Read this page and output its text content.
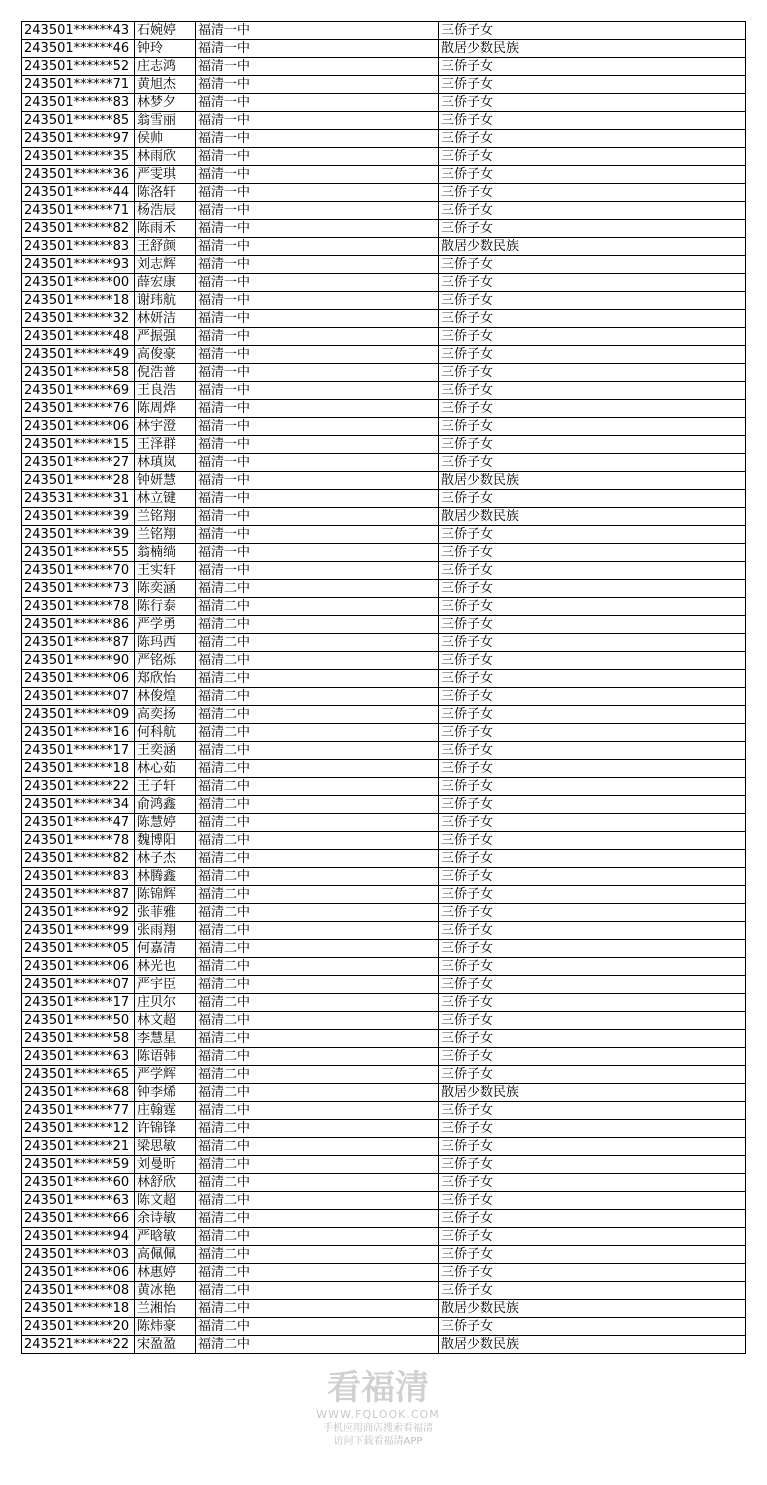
243501******43	石婉婷	福清一中	三侨子女
243501******46	钟玲	福清一中	散居少数民族
243501******52	庄志鸿	福清一中	三侨子女
243501******71	黄旭杰	福清一中	三侨子女
243501******83	林梦夕	福清一中	三侨子女
243501******85	翁雪丽	福清一中	三侨子女
243501******97	侯帅	福清一中	三侨子女
243501******35	林雨欣	福清一中	三侨子女
243501******36	严雯琪	福清一中	三侨子女
243501******44	陈洛轩	福清一中	三侨子女
243501******71	杨浩辰	福清一中	三侨子女
243501******82	陈雨禾	福清一中	三侨子女
243501******83	王舒颜	福清一中	散居少数民族
243501******93	刘志辉	福清一中	三侨子女
243501******00	薛宏康	福清一中	三侨子女
243501******18	谢玮航	福清一中	三侨子女
243501******32	林妍洁	福清一中	三侨子女
243501******48	严振强	福清一中	三侨子女
243501******49	高俊豪	福清一中	三侨子女
243501******58	倪浩普	福清一中	三侨子女
243501******69	王良浩	福清一中	三侨子女
243501******76	陈周烨	福清一中	三侨子女
243501******06	林宇澄	福清一中	三侨子女
243501******15	王泽群	福清一中	三侨子女
243501******27	林瑱岚	福清一中	三侨子女
243501******28	钟妍慧	福清一中	散居少数民族
243531******31	林立键	福清一中	三侨子女
243501******39	兰铭翔	福清一中	散居少数民族
243501******39	兰铭翔	福清一中	三侨子女
243501******55	翁楠绱	福清一中	三侨子女
243501******70	王实轩	福清一中	三侨子女
243501******73	陈奕涵	福清二中	三侨子女
243501******78	陈行泰	福清二中	三侨子女
243501******86	严学勇	福清二中	三侨子女
243501******87	陈玛西	福清二中	三侨子女
243501******90	严铭烁	福清二中	三侨子女
243501******06	郑欣怡	福清二中	三侨子女
243501******07	林俊煌	福清二中	三侨子女
243501******09	高奕扬	福清二中	三侨子女
243501******16	何科航	福清二中	三侨子女
243501******17	王奕涵	福清二中	三侨子女
243501******18	林心茹	福清二中	三侨子女
243501******22	王子轩	福清二中	三侨子女
243501******34	俞鸿鑫	福清二中	三侨子女
243501******47	陈慧婷	福清二中	三侨子女
243501******78	魏博阳	福清二中	三侨子女
243501******82	林子杰	福清二中	三侨子女
243501******83	林腾鑫	福清二中	三侨子女
243501******87	陈锦辉	福清二中	三侨子女
243501******92	张菲雅	福清二中	三侨子女
243501******99	张雨翔	福清二中	三侨子女
243501******05	何嘉清	福清二中	三侨子女
243501******06	林光也	福清二中	三侨子女
243501******07	严宇臣	福清二中	三侨子女
243501******17	庄贝尔	福清二中	三侨子女
243501******50	林文超	福清二中	三侨子女
243501******58	李慧星	福清二中	三侨子女
243501******63	陈语韩	福清二中	三侨子女
243501******65	严学辉	福清二中	三侨子女
243501******68	钟李烯	福清二中	散居少数民族
243501******77	庄翰霆	福清二中	三侨子女
243501******12	许锦锋	福清二中	三侨子女
243501******21	梁思敏	福清二中	三侨子女
243501******59	刘曼昕	福清二中	三侨子女
243501******60	林舒欣	福清二中	三侨子女
243501******63	陈文超	福清二中	三侨子女
243501******66	余诗敏	福清二中	三侨子女
243501******94	严晗敏	福清二中	三侨子女
243501******03	高佩佩	福清二中	三侨子女
243501******06	林惠婷	福清二中	三侨子女
243501******08	黄冰艳	福清二中	三侨子女
243501******18	兰湘怡	福清二中	散居少数民族
243501******20	陈炜豪	福清二中	三侨子女
243521******22	宋盈盈	福清二中	散居少数民族
看福清
WWW.FQLOOK.COM
手机应用商店搜索看福清
访问下载看福清APP
